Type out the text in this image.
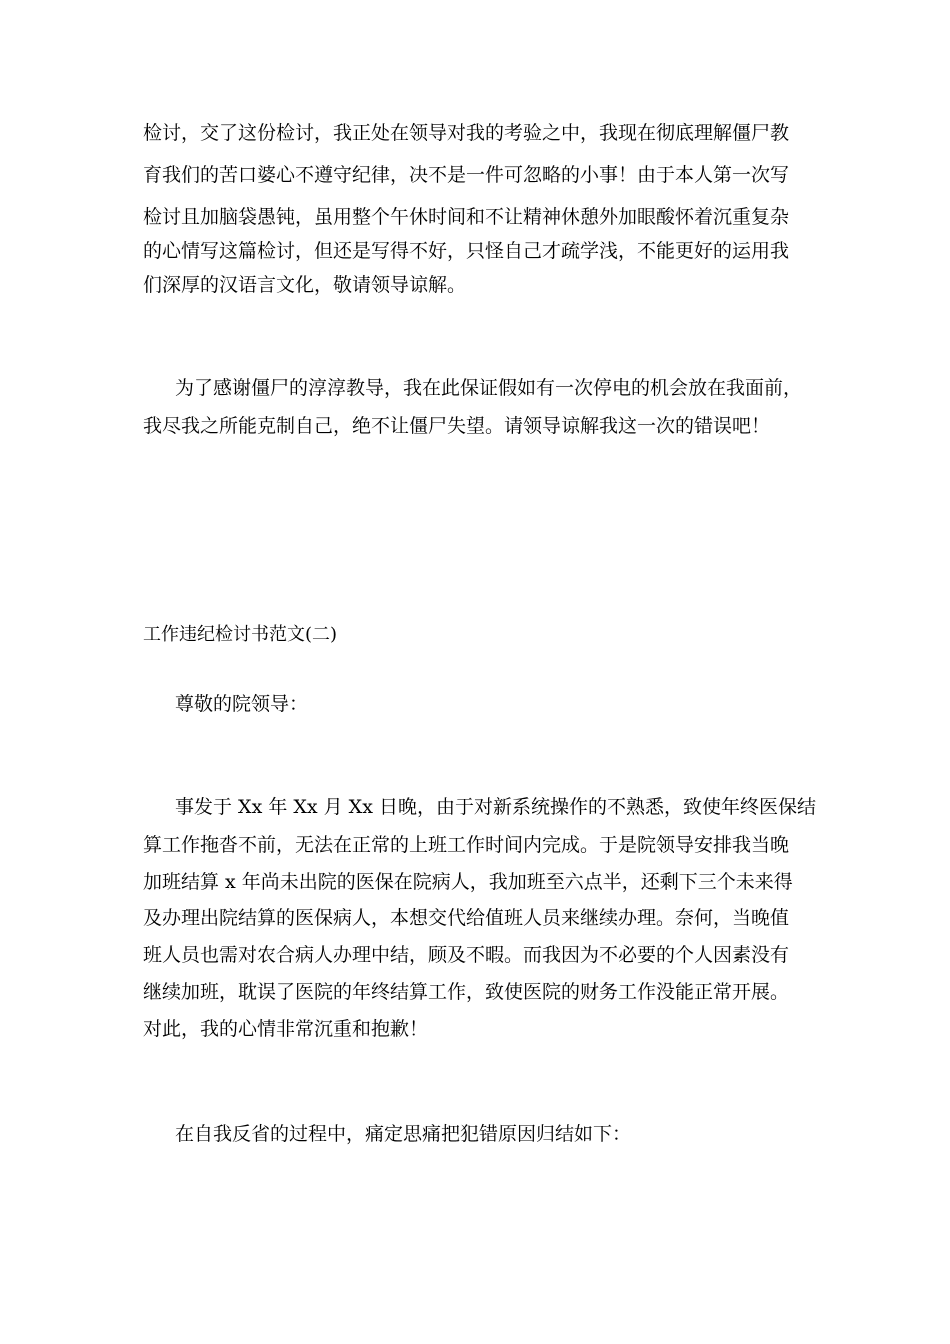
检讨，交了这份检讨，我正处在领导对我的考验之中，我现在彻底理解僵尸教

育我们的苦口婆心不遵守纪律，决不是一件可忽略的小事！由于本人第一次写

检讨且加脑袋愚钝，虽用整个午休时间和不让精神休憩外加眼酸怀着沉重复杂

的心情写这篇检讨，但还是写得不好，只怪自己才疏学浅，不能更好的运用我

们深厚的汉语言文化，敬请领导谅解。

为了感谢僵尸的淳淳教导，我在此保证假如有一次停电的机会放在我面前，

我尽我之所能克制自己，绝不让僵尸失望。请领导谅解我这一次的错误吧！

工作违纪检讨书范文(二)

尊敬的院领导：

事发于 Xx 年 Xx 月 Xx 日晚，由于对新系统操作的不熟悉，致使年终医保结

算工作拖沓不前，无法在正常的上班工作时间内完成。于是院领导安排我当晚

加班结算 x 年尚未出院的医保在院病人，我加班至六点半，还剩下三个未来得

及办理出院结算的医保病人，本想交代给值班人员来继续办理。奈何，当晚值

班人员也需对农合病人办理中结，顾及不暇。而我因为不必要的个人因素没有

继续加班，耽误了医院的年终结算工作，致使医院的财务工作没能正常开展。

对此，我的心情非常沉重和抱歉！

在自我反省的过程中，痛定思痛把犯错原因归结如下：
